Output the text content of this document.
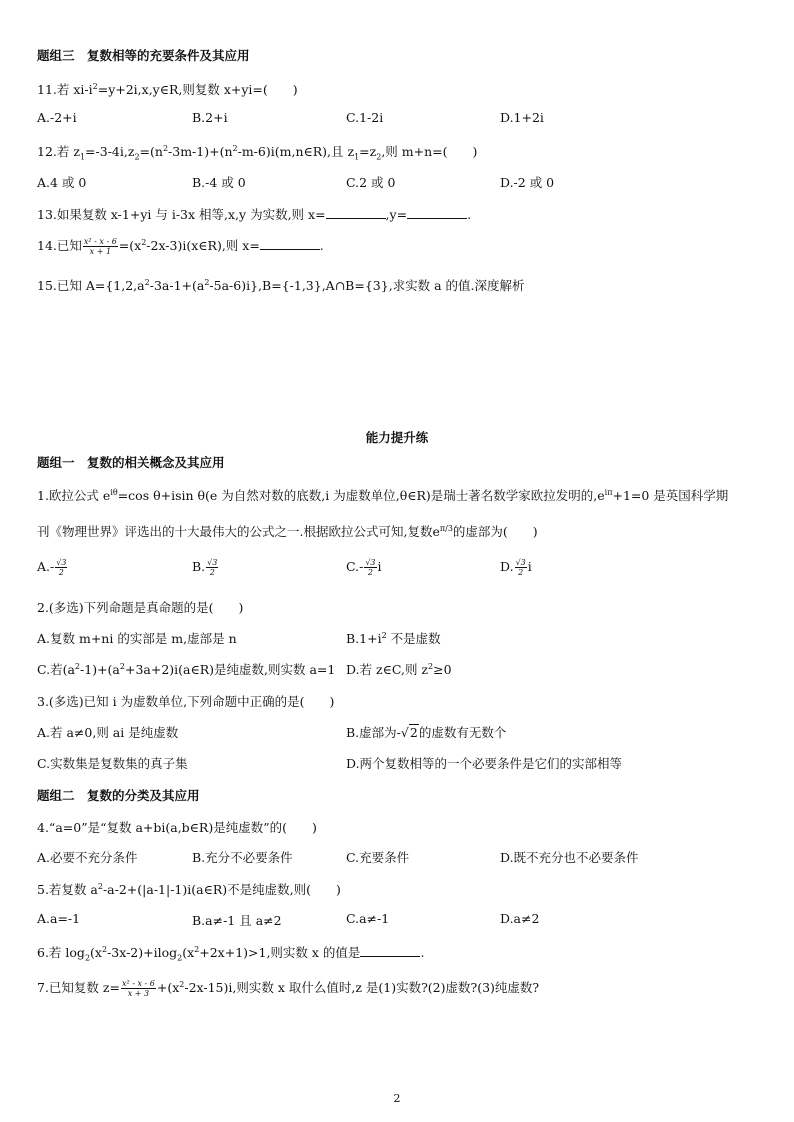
题组三　复数相等的充要条件及其应用
11.若 $xi-i^2=y+2i,x,y\in R$,则复数 x+yi=(　　)
A.-2+i	B.2+i	C.1-2i	D.1+2i
12.若 $z_1=-3-4i,z_2=(n^2-3m-1)+(n^2-m-6)i(m,n\in R)$,且 $z_1=z_2$,则 m+n=(　　)
A.4 或 0	B.-4 或 0	C.2 或 0	D.-2 或 0
13.如果复数 x-1+yi 与 i-3x 相等,x,y 为实数,则 x=	,y=	.
14.已知 $\frac{\text{x² - x - 6}}{x + 1}$ $=(x^2-2x-3)i(x\in R)$,则 x=	.
15.已知 $A=\{1,2,a^2-3a-1+(a^2-5a-6)i\},B=\{-1,3\},A\cap B=\{3\}$,求实数 a 的值.深度解析
能力提升练
题组一　复数的相关概念及其应用
1.欧拉公式 $e^{i\theta}=\cos$ θ+isin θ(e 为自然对数的底数,i 为虚数单位,θ∈R)是瑞士著名数学家欧拉发明的$,e^{i\pi}+1=0$ 是英国科学期
刊《物理世界》评选出的十大最伟大的公式之一.根据欧拉公式可知,复数$e^{\pi/3}$的虚部为(　　)
$A.- \frac{√3}{2}$	B. $\frac{√3}{2}$	$C.- \frac{√3}{2}$ i	D. $\frac{√3}{2}$ i
2.(多选)下列命题是真命题的是(　　)
A.复数 m+ni 的实部是 m,虚部是 n	$B.1+i^2$ 不是虚数
C.若$(a^2-1)+(a^2+3a+2)i(a\in R)$是纯虚数,则实数 a=1 D.若 z∈C,则 $z^2\ge 0$
3.(多选)已知 i 为虚数单位,下列命题中正确的是(　　)
A.若 a≠0,则 ai 是纯虚数	B.虚部为-√2的虚数有无数个
C.实数集是复数集的真子集	D.两个复数相等的一个必要条件是它们的实部相等
题组二　复数的分类及其应用
4.“a=0”是“复数 a+bi(a,b∈R)是纯虚数”的(　　)
A.必要不充分条件	B.充分不必要条件	C.充要条件	D.既不充分也不必要条件
5.若复数 $a^2-a-2+(|a-1|-1)i(a\in R)$不是纯虚数,则(　　)
A.a=-1	B.a≠-1 且 a≠2	C.a≠-1	D.a≠2
6.若 $\log_2(x^2-3x-2)+ilog_2(x^2+2x+1)>1$,则实数 x 的值是	.
7.已知复数 $z= \frac{\text{x² - x - 6}}{x + 3} +(x^2-2x-15)i$,则实数 x 取什么值时,z 是(1)实数?(2)虚数?(3)纯虚数?
2
